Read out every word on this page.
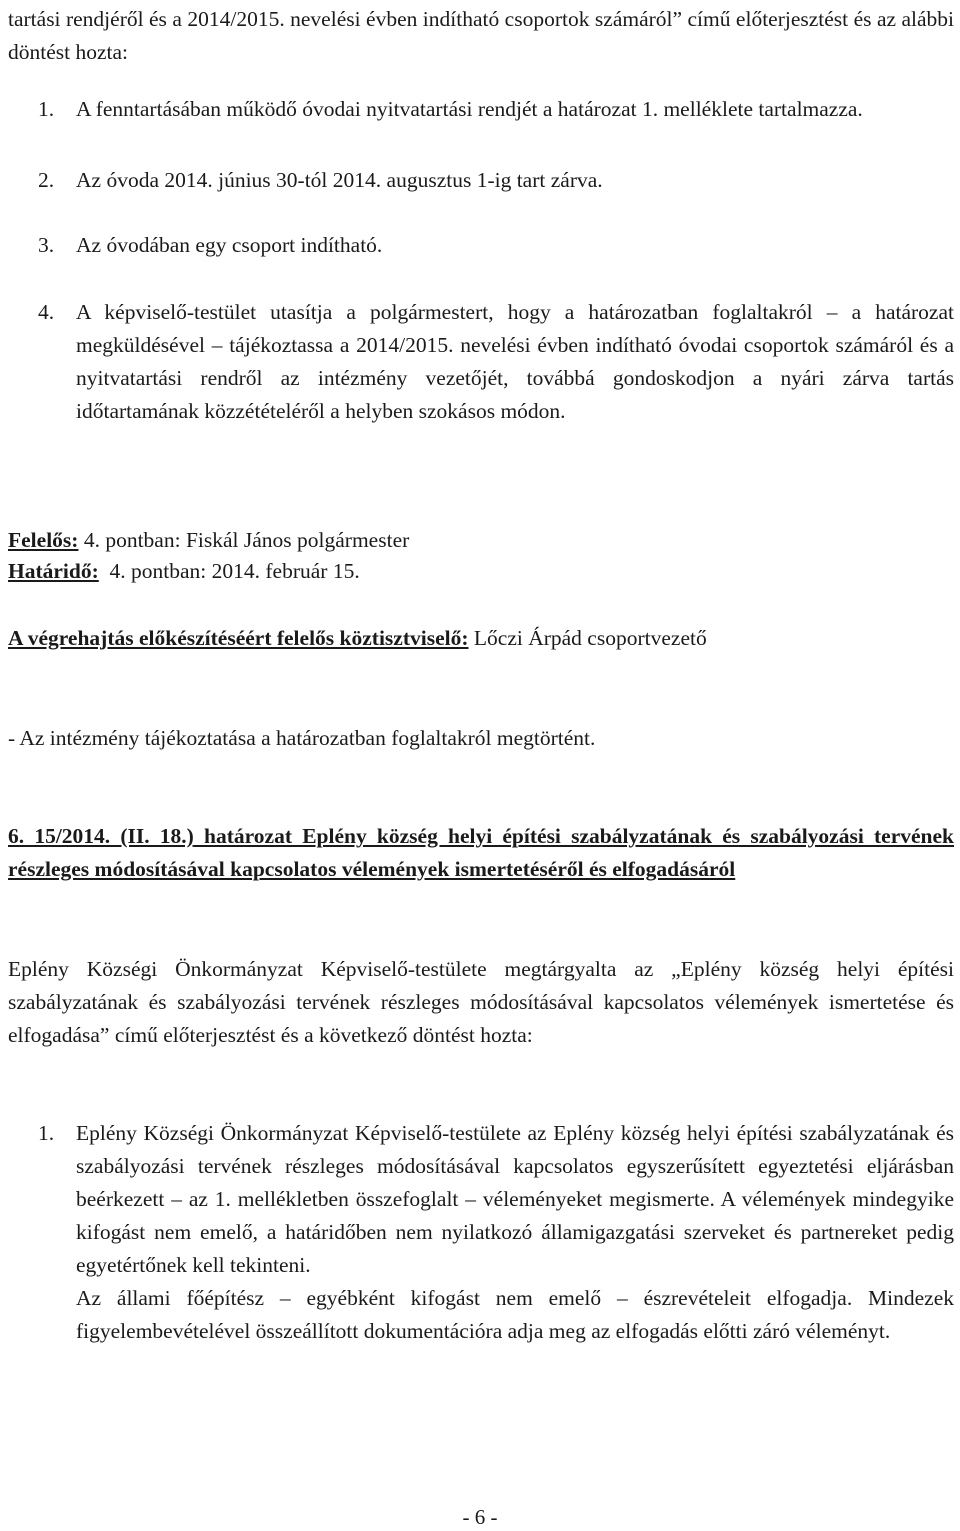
tartási rendjéről és a 2014/2015. nevelési évben indítható csoportok számáról” című előterjesztést és az alábbi döntést hozta:

1. A fenntartásában működő óvodai nyitvatartási rendjét a határozat 1. melléklete tartalmazza.
2. Az óvoda 2014. június 30-tól 2014. augusztus 1-ig tart zárva.
3. Az óvodában egy csoport indítható.
4. A képviselő-testület utasítja a polgármestert, hogy a határozatban foglaltakról – a határozat megküldésével – tájékoztassa a 2014/2015. nevelési évben indítható óvodai csoportok számáról és a nyitvatartási rendről az intézmény vezetőjét, továbbá gondoskodjon a nyári zárva tartás időtartamának közzétételéről a helyben szokásos módon.
Felelős: 4. pontban: Fiskál János polgármester
Határidő:  4. pontban: 2014. február 15.
A végrehajtás előkészítéséért felelős köztisztviselő: Lőczi Árpád csoportvezető
- Az intézmény tájékoztatása a határozatban foglaltakról megtörtént.
6. 15/2014. (II. 18.) határozat Eplény község helyi építési szabályzatának és szabályozási tervének részleges módosításával kapcsolatos vélemények ismertetéséről és elfogadásáról

Eplény Községi Önkormányzat Képviselő-testülete megtárgyalta az „Eplény község helyi építési szabályzatának és szabályozási tervének részleges módosításával kapcsolatos vélemények ismertetése és elfogadása” című előterjesztést és a következő döntést hozta:

1. Eplény Községi Önkormányzat Képviselő-testülete az Eplény község helyi építési szabályzatának és szabályozási tervének részleges módosításával kapcsolatos egyszerűsített egyeztetési eljárásban beérkezett – az 1. mellékletben összefoglalt – véleményeket megismerte. A vélemények mindegyike kifogást nem emelő, a határidőben nem nyilatkozó államigazgatási szerveket és partnereket pedig egyetértőnek kell tekinteni.
Az állami főépítész – egyébként kifogást nem emelő – észrevételeit elfogadja. Mindezek figyelembevételével összeállított dokumentációra adja meg az elfogadás előtti záró véleményt.
- 6 -
